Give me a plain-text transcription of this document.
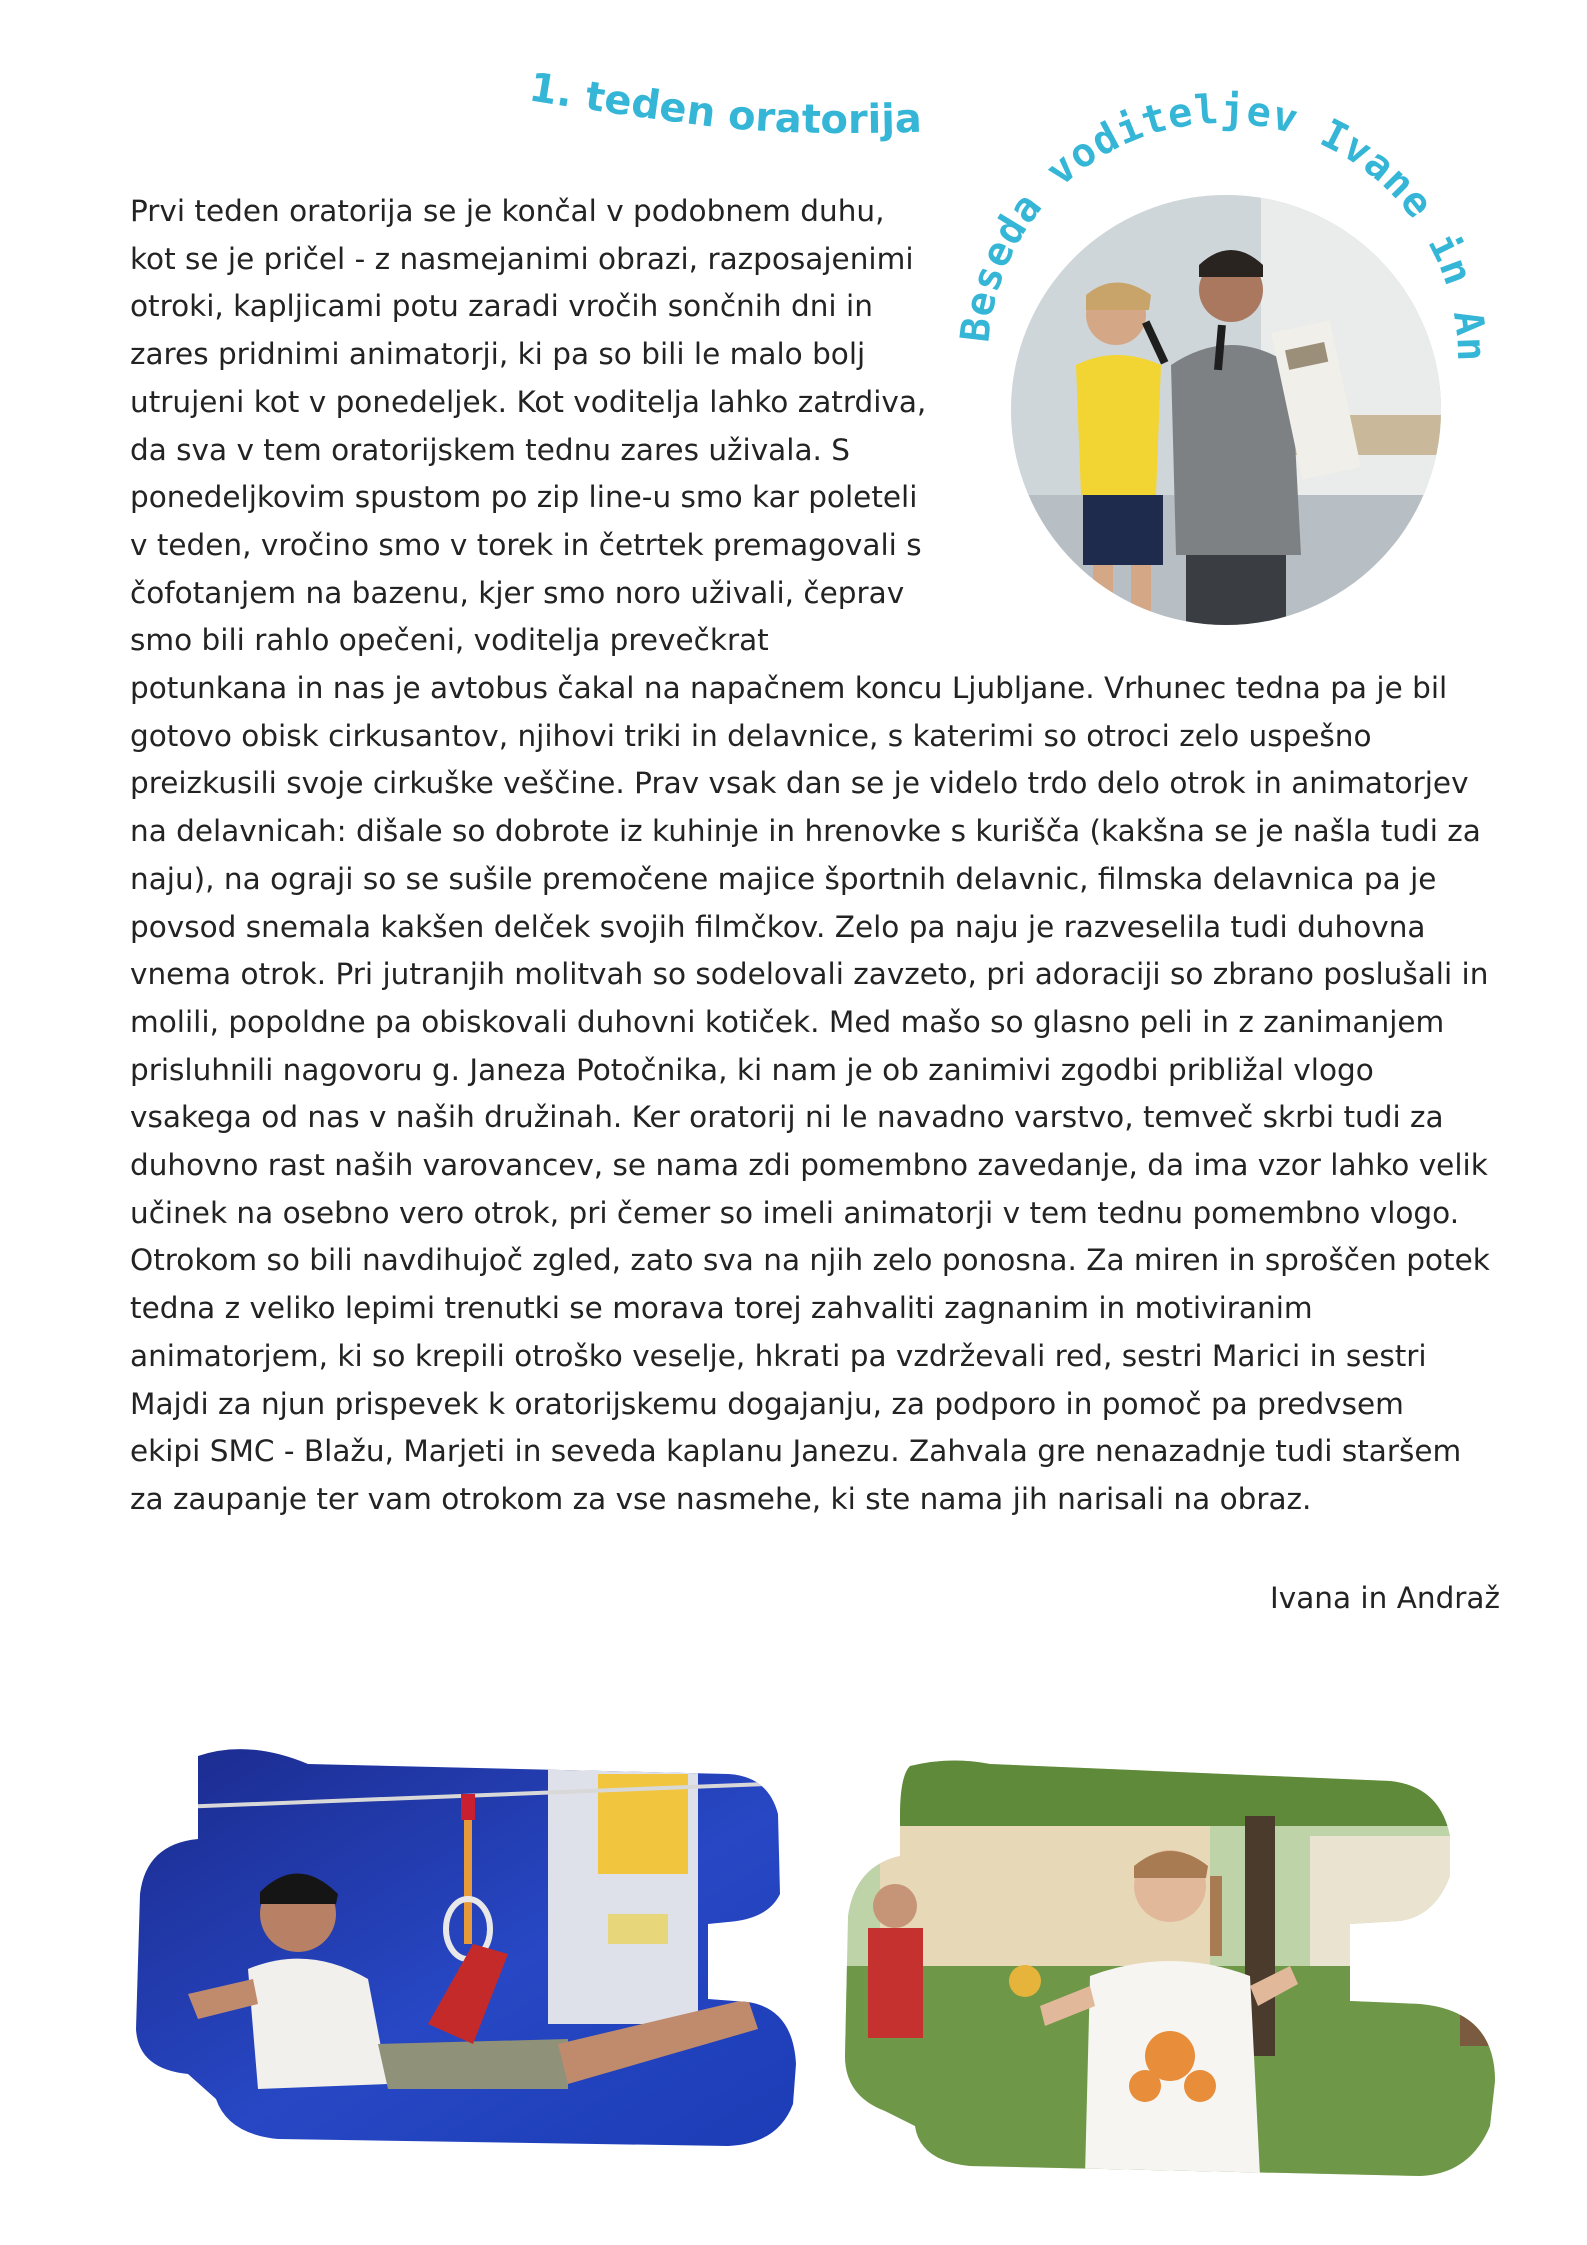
1. teden oratorija
Beseda voditeljev Ivane in Andraža
Prvi teden oratorija se je končal v podobnem duhu,
kot se je pričel - z nasmejanimi obrazi, razposajenimi
otroki, kapljicami potu zaradi vročih sončnih dni in
zares pridnimi animatorji, ki pa so bili le malo bolj
utrujeni kot v ponedeljek. Kot voditelja lahko zatrdiva,
da sva v tem oratorijskem tednu zares uživala. S
ponedeljkovim spustom po zip line-u smo kar poleteli
v teden, vročino smo v torek in četrtek premagovali s
čofotanjem na bazenu, kjer smo noro uživali, čeprav
smo bili rahlo opečeni, voditelja prevečkrat
potunkana in nas je avtobus čakal na napačnem koncu Ljubljane. Vrhunec tedna pa je bil
gotovo obisk cirkusantov, njihovi triki in delavnice, s katerimi so otroci zelo uspešno
preizkusili svoje cirkuške veščine. Prav vsak dan se je videlo trdo delo otrok in animatorjev
na delavnicah: dišale so dobrote iz kuhinje in hrenovke s kurišča (kakšna se je našla tudi za
naju), na ograji so se sušile premočene majice športnih delavnic, filmska delavnica pa je
povsod snemala kakšen delček svojih filmčkov. Zelo pa naju je razveselila tudi duhovna
vnema otrok. Pri jutranjih molitvah so sodelovali zavzeto, pri adoraciji so zbrano poslušali in
molili, popoldne pa obiskovali duhovni kotiček. Med mašo so glasno peli in z zanimanjem
prisluhnili nagovoru g. Janeza Potočnika, ki nam je ob zanimivi zgodbi približal vlogo
vsakega od nas v naših družinah. Ker oratorij ni le navadno varstvo, temveč skrbi tudi za
duhovno rast naših varovancev, se nama zdi pomembno zavedanje, da ima vzor lahko velik
učinek na osebno vero otrok, pri čemer so imeli animatorji v tem tednu pomembno vlogo.
Otrokom so bili navdihujoč zgled, zato sva na njih zelo ponosna. Za miren in sproščen potek
tedna z veliko lepimi trenutki se morava torej zahvaliti zagnanim in motiviranim
animatorjem, ki so krepili otroško veselje, hkrati pa vzdrževali red, sestri Marici in sestri
Majdi za njun prispevek k oratorijskemu dogajanju, za podporo in pomoč pa predvsem
ekipi SMC - Blažu, Marjeti in seveda kaplanu Janezu. Zahvala gre nenazadnje tudi staršem
za zaupanje ter vam otrokom za vse nasmehe, ki ste nama jih narisali na obraz.
Ivana in Andraž
